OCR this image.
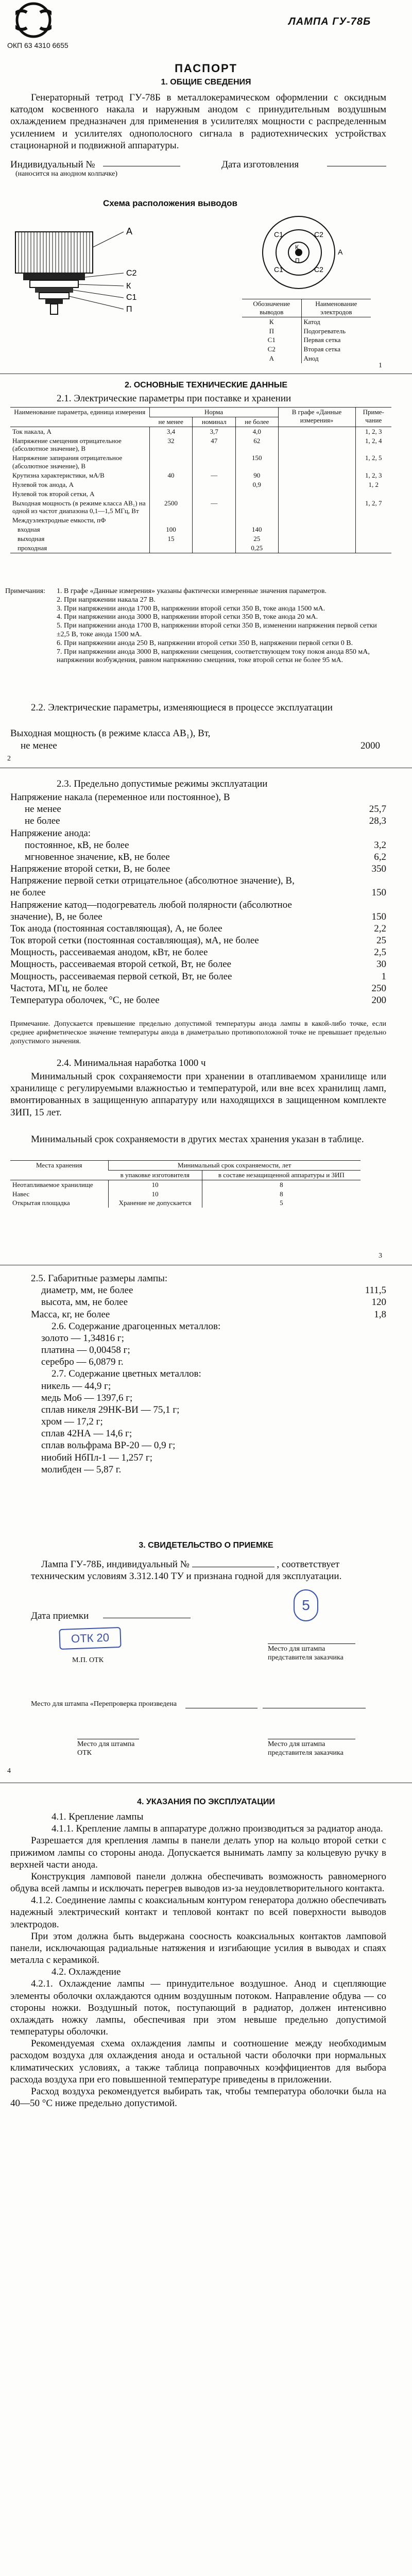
ОКП 63 4310 6655
ЛАМПА ГУ-78Б
ПАСПОРТ
1. ОБЩИЕ СВЕДЕНИЯ
Генераторный тетрод ГУ-78Б в металлокерамическом оформлении с оксидным катодом косвенного накала и наружным анодом с принудительным воздушным охлаждением предназначен для применения в усилителях мощности с распределенным усилением и усилителях однополосного сигнала в радиотехнических устройствах стационарной и подвижной аппаратуры.
Индивидуальный №	Дата изготовления
(наносится на анодном колпачке)
Схема расположения выводов
А
С2
К
С1
П
С1	С2
С1	С2
К
П
А
Обозначение выводов	Наименование электродов
К	Катод
П	Подогреватель
С1	Первая сетка
С2	Вторая сетка
А	Анод
1
2. ОСНОВНЫЕ ТЕХНИЧЕСКИЕ ДАННЫЕ
2.1. Электрические параметры при поставке и хранении
Наименование параметра, единица измерения	Норма			В графе «Данные измерения»	Приме-чание
	не менее	номинал	не более		
Ток накала, А	3,4	3,7	4,0		1, 2, 3
Напряжение смещения отрицательное (абсолютное значение), В	32	47	62		1, 2, 4
Напряжение запирания отрицательное (абсолютное значение), В			150		1, 2, 5
Крутизна характеристики, мА/В	40	—	90		1, 2, 3
Нулевой ток анода, А			0,9		1, 2
Нулевой ток второй сетки, А					
Выходная мощность (в режиме класса АВ₁) на одной из частот диапазона 0,1—1,5 МГц, Вт	2500	—			1, 2, 7
Междуэлектродные емкости, пФ					
входная	100		140		
выходная	15		25		
проходная			0,25		
Примечания:	1. В графе «Данные измерения» указаны фактически измеренные значения параметров.
2. При напряжении накала 27 В.
3. При напряжении анода 1700 В, напряжении второй сетки 350 В, токе анода 1500 мА.
4. При напряжении анода 3000 В, напряжении второй сетки 350 В, токе анода 20 мА.
5. При напряжении анода 1700 В, напряжении второй сетки 350 В, изменении напряжения первой сетки ±2,5 В, токе анода 1500 мА.
6. При напряжении анода 250 В, напряжении второй сетки 350 В, напряжении первой сетки 0 В.
7. При напряжении анода 3000 В, напряжении смещения, соответствующем току покоя анода 850 мА, напряжении возбуждения, равном напряжению смещения, токе второй сетки не более 95 мА.
2.2. Электрические параметры, изменяющиеся в процессе эксплуатации
Выходная мощность (в режиме класса АВ₁), Вт,
не менее	2000
2
2.3. Предельно допустимые режимы эксплуатации
Напряжение накала (переменное или постоянное), В
не менее	25,7
не более	28,3
Напряжение анода:
постоянное, кВ, не более	3,2
мгновенное значение, кВ, не более	6,2
Напряжение второй сетки, В, не более	350
Напряжение первой сетки отрицательное (абсолютное значение), В, не более	150
Напряжение катод—подогреватель любой полярности (абсолютное значение), В, не более	150
Ток анода (постоянная составляющая), А, не более	2,2
Ток второй сетки (постоянная составляющая), мА, не более	25
Мощность, рассеиваемая анодом, кВт, не более	2,5
Мощность, рассеиваемая второй сеткой, Вт, не более	30
Мощность, рассеиваемая первой сеткой, Вт, не более	1
Частота, МГц, не более	250
Температура оболочек, °С, не более	200
Примечание. Допускается превышение предельно допустимой температуры анода лампы в какой-либо точке, если среднее арифметическое значение температуры анода в диаметрально противоположной точке не превышает предельно допустимого значения.
2.4. Минимальная наработка 1000 ч
Минимальный срок сохраняемости при хранении в отапливаемом хранилище или хранилище с регулируемыми влажностью и температурой, или вне всех хранилищ ламп, вмонтированных в защищенную аппаратуру или находящихся в защищенном комплекте ЗИП, 15 лет.
Минимальный срок сохраняемости в других местах хранения указан в таблице.
Места хранения	Минимальный срок сохраняемости, лет	
	в упаковке изготовителя	в составе незащищенной аппаратуры и ЗИП
Неотапливаемое хранилище	10	8
Навес	10	8
Открытая площадка	Хранение не допускается	5
3
2.5. Габаритные размеры лампы:
диаметр, мм, не более	111,5
высота, мм, не более	120
Масса, кг, не более	1,8
2.6. Содержание драгоценных металлов:
золото — 1,34816 г;
платина — 0,00458 г;
серебро — 6,0879 г.
2.7. Содержание цветных металлов:
никель — 44,9 г;
медь Мо6 — 1397,6 г;
сплав никеля 29НК-ВИ — 75,1 г;
хром — 17,2 г;
сплав 42НА — 14,6 г;
сплав вольфрама ВР-20 — 0,9 г;
ниобий НбПл-1 — 1,257 г;
молибден — 5,87 г.
3. СВИДЕТЕЛЬСТВО О ПРИЕМКЕ
Лампа ГУ-78Б, индивидуальный №	, соответствует техническим условиям З.312.140 ТУ и признана годной для эксплуатации.
Дата приемки
ОТК 20
5
М.П. ОТК
Место для штампа представителя заказчика
Место для штампа «Перепроверка произведена
Место для штампа ОТК
Место для штампа представителя заказчика
4
4. УКАЗАНИЯ ПО ЭКСПЛУАТАЦИИ
4.1. Крепление лампы
4.1.1. Крепление лампы в аппаратуре должно производиться за радиатор анода.
Разрешается для крепления лампы в панели делать упор на кольцо второй сетки с прижимом лампы со стороны анода. Допускается вынимать лампу за кольцевую ручку в верхней части анода.
Конструкция ламповой панели должна обеспечивать возможность равномерного обдува всей лампы и исключать перегрев выводов из-за неудовлетворительного контакта.
4.1.2. Соединение лампы с коаксиальным контуром генератора должно обеспечивать надежный электрический контакт и тепловой контакт по всей поверхности выводов электродов.
При этом должна быть выдержана соосность коаксиальных контактов ламповой панели, исключающая радиальные натяжения и изгибающие усилия в выводах и спаях металла с керамикой.
4.2. Охлаждение
4.2.1. Охлаждение лампы — принудительное воздушное. Анод и сцепляющие элементы оболочки охлаждаются одним воздушным потоком. Направление обдува — со стороны ножки. Воздушный поток, поступающий в радиатор, должен интенсивно охлаждать ножку лампы, обеспечивая при этом невыше предельно допустимой температуры оболочки.
Рекомендуемая схема охлаждения лампы и соотношение между необходимым расходом воздуха для охлаждения анода и остальной части оболочки при нормальных климатических условиях, а также таблица поправочных коэффициентов для выбора расхода воздуха при его повышенной температуре приведены в приложении.
Расход воздуха рекомендуется выбирать так, чтобы температура оболочки была на 40—50 °С ниже предельно допустимой.
